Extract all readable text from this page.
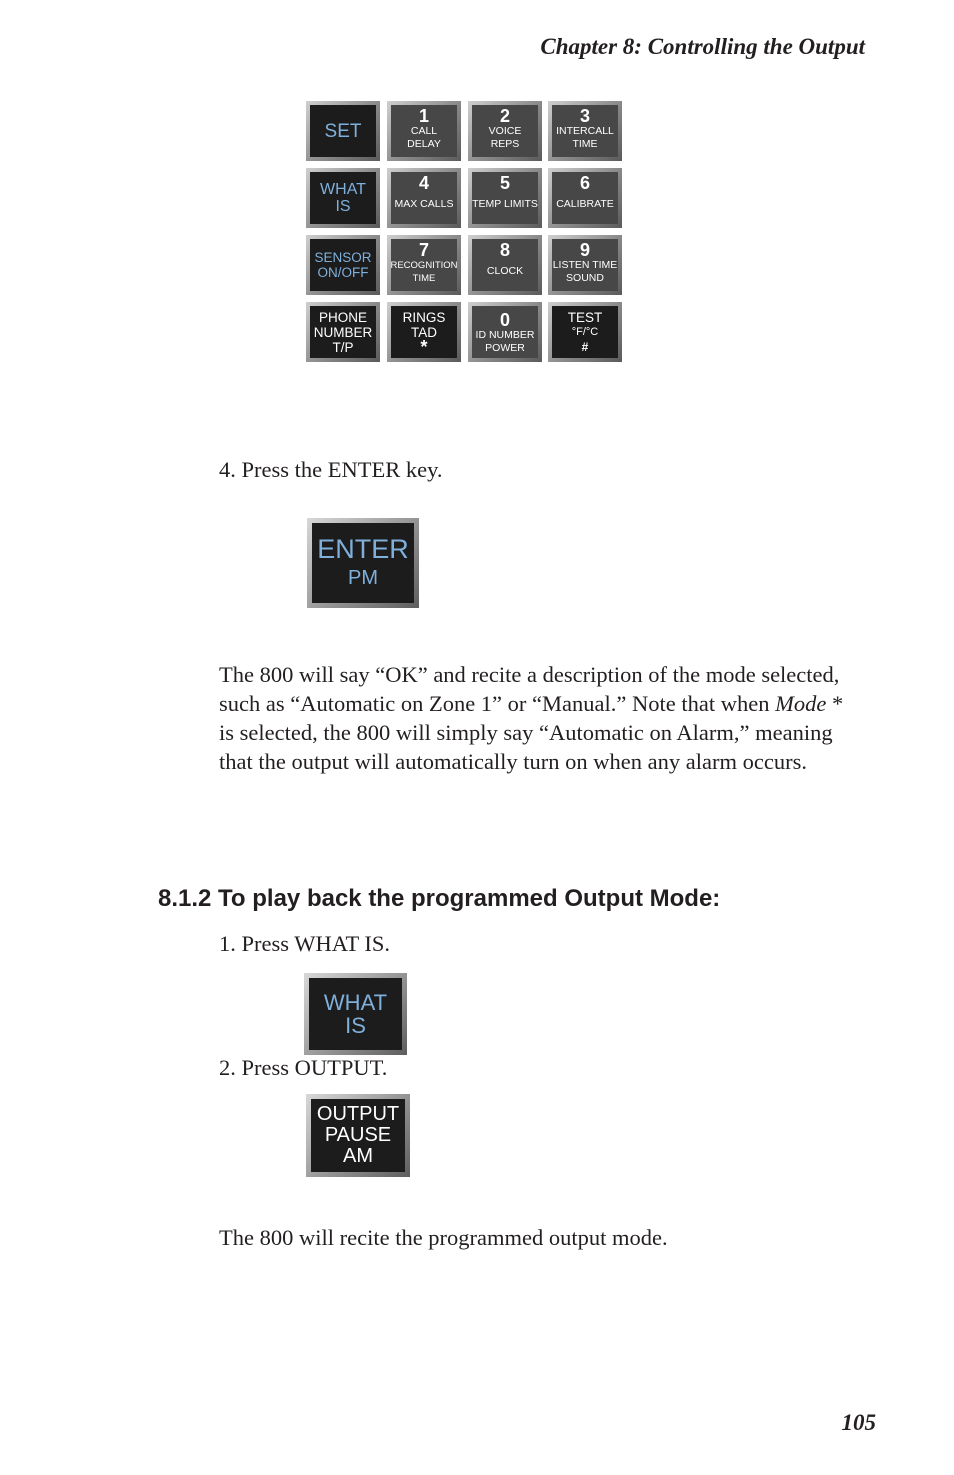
Chapter 8: Controlling the Output
SET
1
CALL
DELAY
2
VOICE
REPS
3
INTERCALL
TIME
WHAT
IS
4
MAX CALLS
5
TEMP LIMITS
6
CALIBRATE
SENSOR
ON/OFF
7
RECOGNITION
TIME
8
CLOCK
9
LISTEN TIME
SOUND
PHONE
NUMBER
T/P
RINGS
TAD
*
0
ID NUMBER
POWER
TEST
°F/°C
#
4. Press the ENTER key.
ENTER
PM
The 800 will say “OK” and recite a description of the mode selected, such as “Automatic on Zone 1” or “Manual.” Note that when Mode * is selected, the 800 will simply say “Automatic on Alarm,” meaning that the output will automatically turn on when any alarm occurs.
8.1.2 To play back the programmed Output Mode:
1. Press WHAT IS.
WHAT
IS
2. Press OUTPUT.
OUTPUT
PAUSE
AM
The 800 will recite the programmed output mode.
105
